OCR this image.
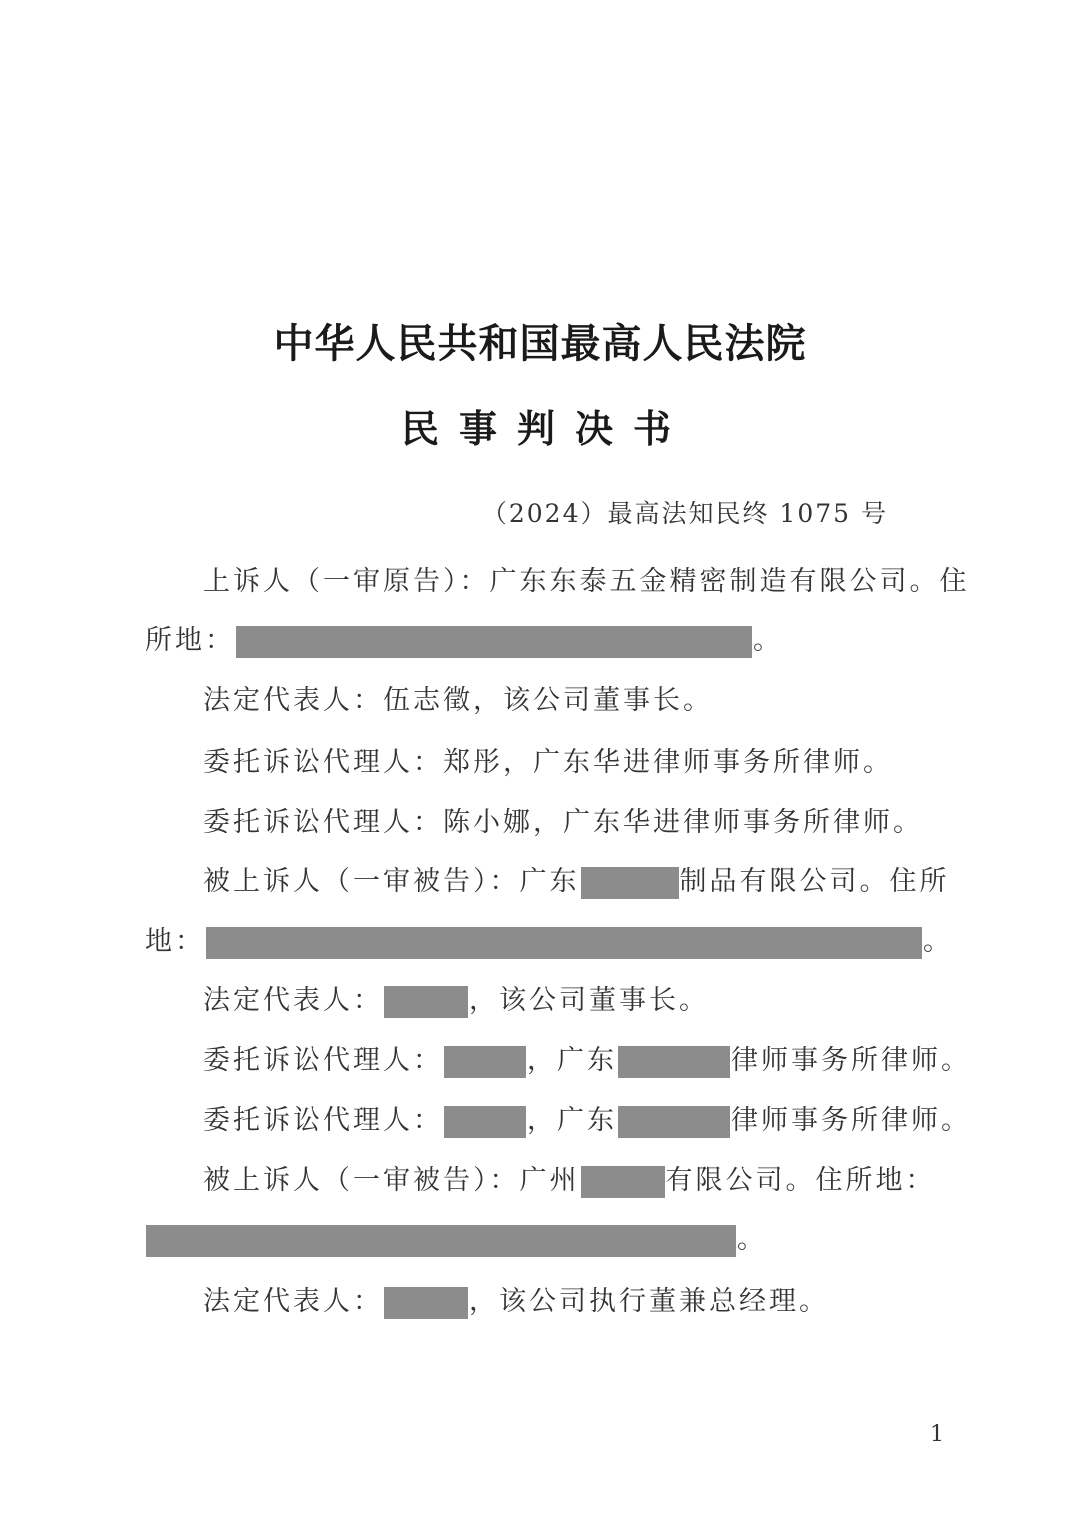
中华人民共和国最高人民法院
民事判决书
（2024）最高法知民终 1075 号
上诉人（一审原告）：广东东泰五金精密制造有限公司。住
所地：	。
法定代表人：伍志徵，该公司董事长。
委托诉讼代理人：郑彤，广东华进律师事务所律师。
委托诉讼代理人：陈小娜，广东华进律师事务所律师。
被上诉人（一审被告）：广东	制品有限公司。住所
地：	。
法定代表人：	，该公司董事长。
委托诉讼代理人：	，广东	律师事务所律师。
委托诉讼代理人：	，广东	律师事务所律师。
被上诉人（一审被告）：广州	有限公司。住所地：
。
法定代表人：	，该公司执行董兼总经理。
1
